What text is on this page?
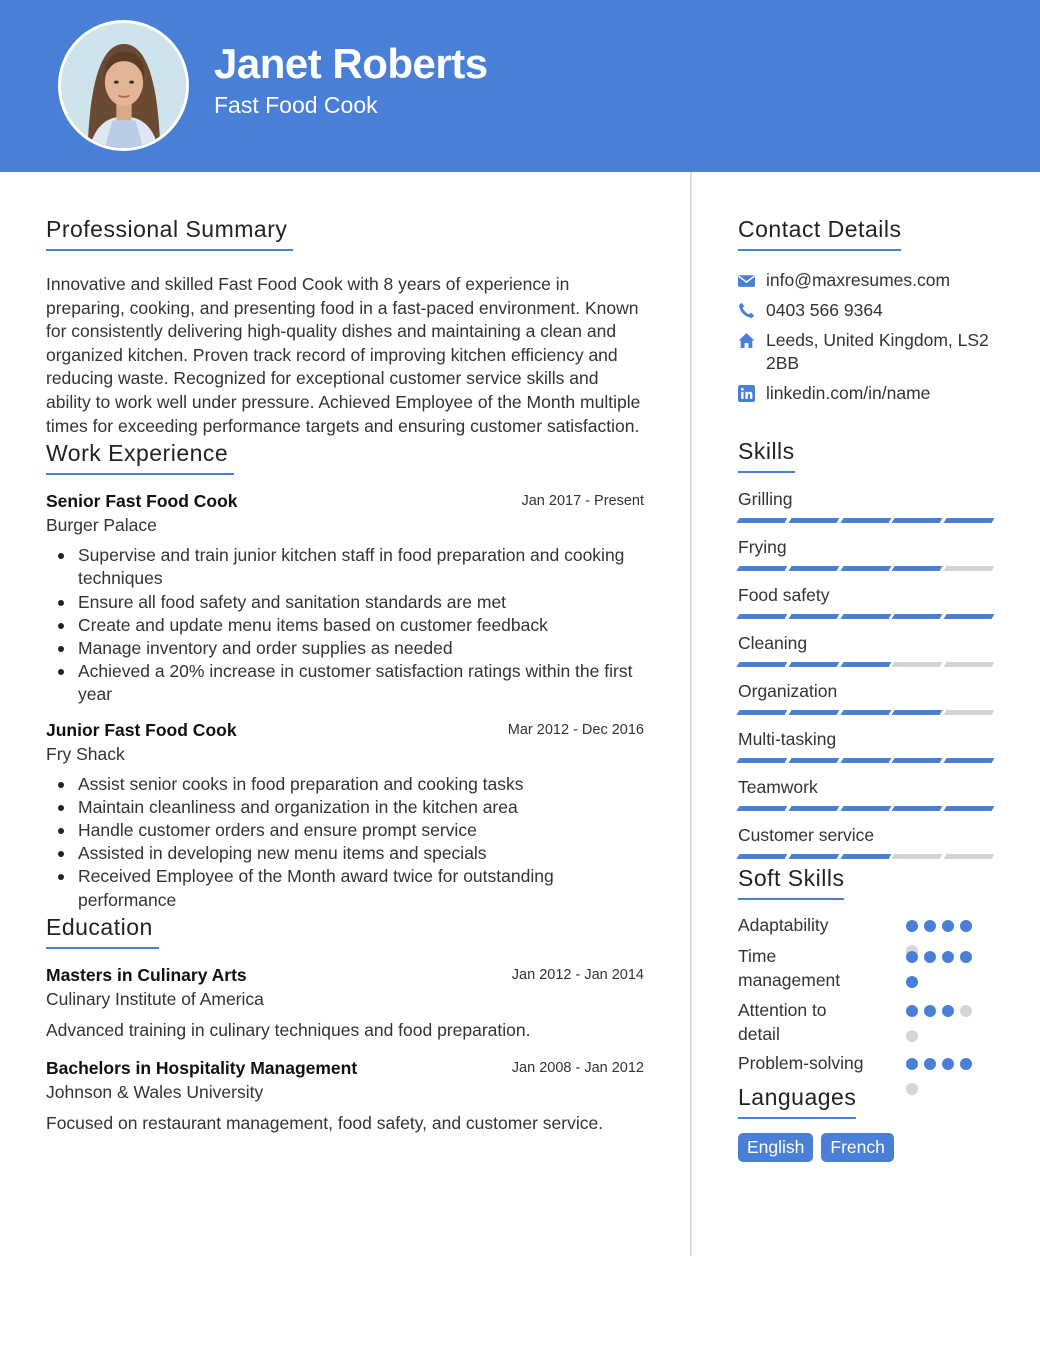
Janet Roberts
Fast Food Cook
Professional Summary
Innovative and skilled Fast Food Cook with 8 years of experience in preparing, cooking, and presenting food in a fast-paced environment. Known for consistently delivering high-quality dishes and maintaining a clean and organized kitchen. Proven track record of improving kitchen efficiency and reducing waste. Recognized for exceptional customer service skills and ability to work well under pressure. Achieved Employee of the Month multiple times for exceeding performance targets and ensuring customer satisfaction.
Work Experience
Senior Fast Food Cook	Jan 2017 - Present
Burger Palace
Supervise and train junior kitchen staff in food preparation and cooking techniques
Ensure all food safety and sanitation standards are met
Create and update menu items based on customer feedback
Manage inventory and order supplies as needed
Achieved a 20% increase in customer satisfaction ratings within the first year
Junior Fast Food Cook	Mar 2012 - Dec 2016
Fry Shack
Assist senior cooks in food preparation and cooking tasks
Maintain cleanliness and organization in the kitchen area
Handle customer orders and ensure prompt service
Assisted in developing new menu items and specials
Received Employee of the Month award twice for outstanding performance
Education
Masters in Culinary Arts	Jan 2012 - Jan 2014
Culinary Institute of America
Advanced training in culinary techniques and food preparation.
Bachelors in Hospitality Management	Jan 2008 - Jan 2012
Johnson & Wales University
Focused on restaurant management, food safety, and customer service.
Contact Details
info@maxresumes.com
0403 566 9364
Leeds, United Kingdom, LS2 2BB
linkedin.com/in/name
Skills
Grilling
Frying
Food safety
Cleaning
Organization
Multi-tasking
Teamwork
Customer service
Soft Skills
Adaptability
Time management
Attention to detail
Problem-solving
Languages
English	French
